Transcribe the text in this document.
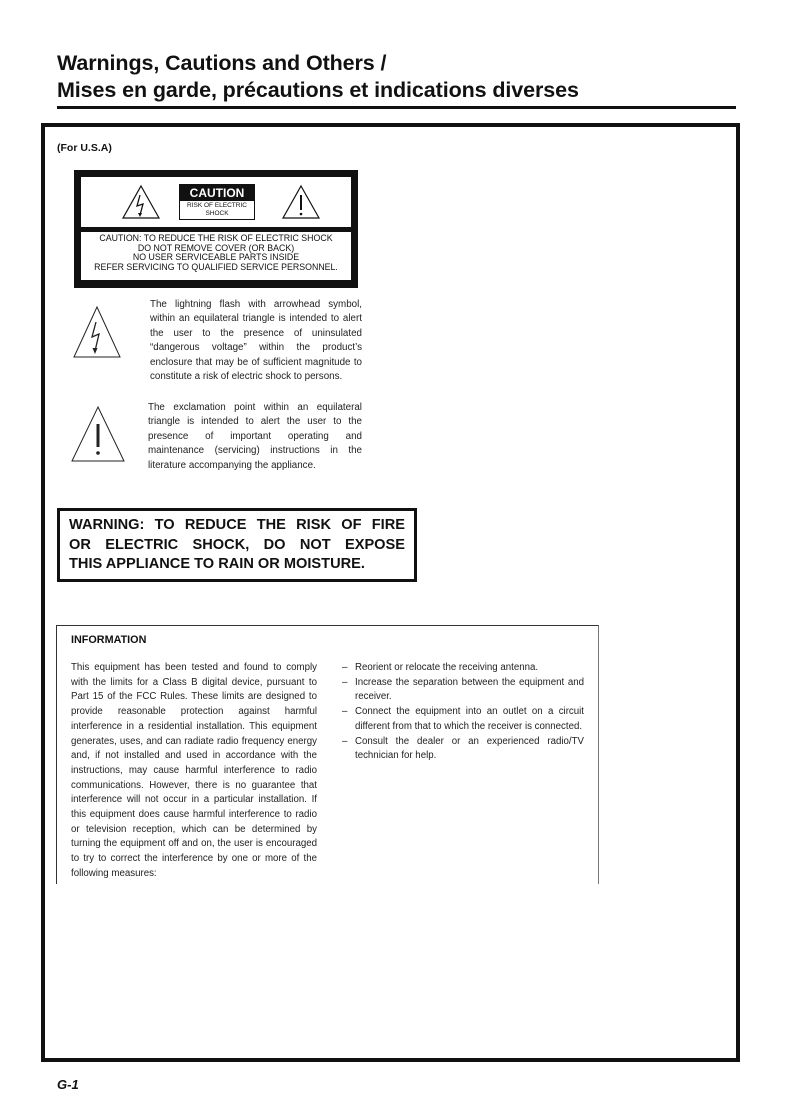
Warnings, Cautions and Others /
Mises en garde, précautions et indications diverses
(For U.S.A)
CAUTION
RISK OF ELECTRIC
SHOCK
CAUTION: TO REDUCE THE RISK OF ELECTRIC SHOCK
DO NOT REMOVE COVER (OR BACK)
NO USER SERVICEABLE PARTS INSIDE
REFER SERVICING TO QUALIFIED SERVICE PERSONNEL.
The lightning flash with arrowhead symbol, within an equilateral triangle is intended to alert the user to the presence of uninsulated “dangerous voltage” within the product’s enclosure that may be of sufficient magnitude to constitute a risk of electric shock to persons.
The exclamation point within an equilateral triangle is intended to alert the user to the presence of important operating and maintenance (servicing) instructions in the literature accompanying the appliance.
WARNING: TO REDUCE THE RISK OF FIRE
OR ELECTRIC SHOCK, DO NOT EXPOSE
THIS APPLIANCE TO RAIN OR MOISTURE.
INFORMATION
This equipment has been tested and found to comply with the limits for a Class B digital device, pursuant to Part 15 of the FCC Rules. These limits are designed to provide reasonable protection against harmful interference in a residential installation. This equipment generates, uses, and can radiate radio frequency energy and, if not installed and used in accordance with the instructions, may cause harmful interference to radio communications. However, there is no guarantee that interference will not occur in a particular installation. If this equipment does cause harmful interference to radio or television reception, which can be determined by turning the equipment off and on, the user is encouraged to try to correct the interference by one or more of the following measures:
– Reorient or relocate the receiving antenna.
– Increase the separation between the equipment and receiver.
– Connect the equipment into an outlet on a circuit different from that to which the receiver is connected.
– Consult the dealer or an experienced radio/TV technician for help.
G-1
